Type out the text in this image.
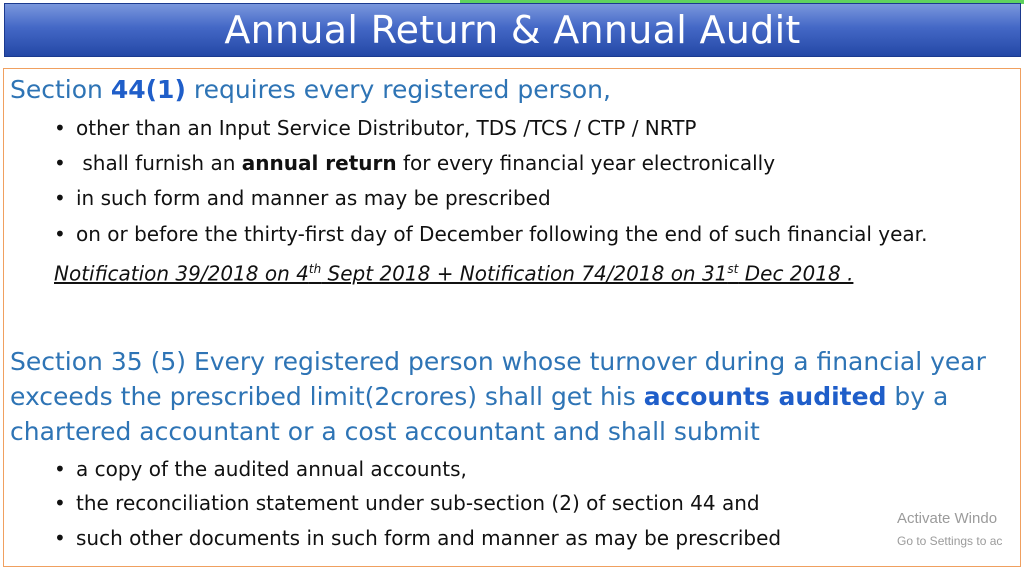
Annual Return & Annual Audit
Section 44(1) requires every registered person,
• other than an Input Service Distributor, TDS /TCS / CTP / NRTP
• shall furnish an annual return for every financial year electronically
• in such form and manner as may be prescribed
• on or before the thirty-first day of December following the end of such financial year.
Notification 39/2018 on 4th Sept 2018 + Notification 74/2018 on 31st Dec 2018 .
Section 35 (5) Every registered person whose turnover during a financial year
exceeds the prescribed limit(2crores) shall get his accounts audited by a
chartered accountant or a cost accountant and shall submit
• a copy of the audited annual accounts,
• the reconciliation statement under sub-section (2) of section 44 and
• such other documents in such form and manner as may be prescribed
Activate Windo
Go to Settings to ac
